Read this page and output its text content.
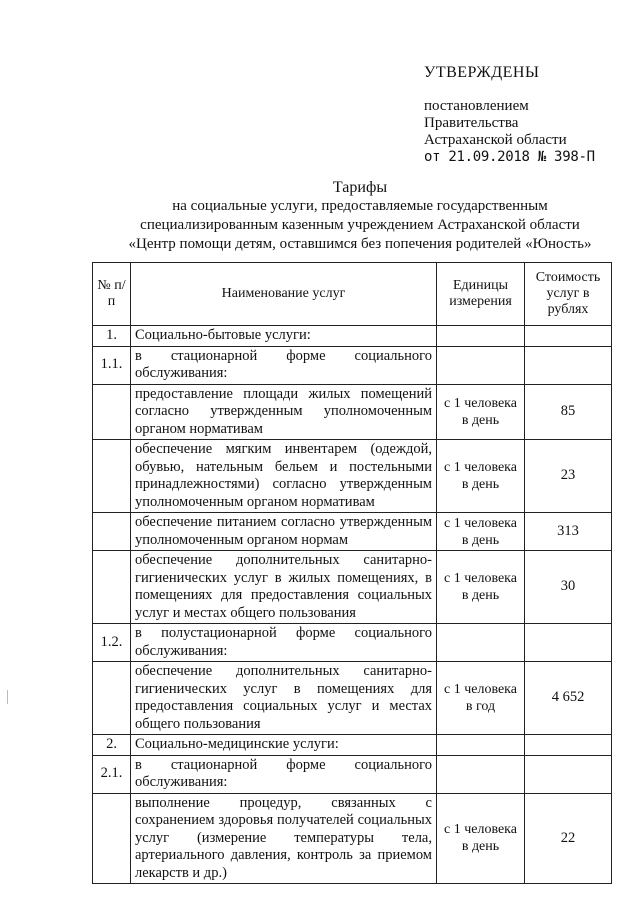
УТВЕРЖДЕНЫ
постановлением
Правительства
Астраханской области
от 21.09.2018 № 398-П
Тарифы
на социальные услуги, предоставляемые государственным
специализированным казенным учреждением Астраханской области
«Центр помощи детям, оставшимся без попечения родителей «Юность»
№ п/п	Наименование услуг	Единицы измерения	Стоимость услуг в рублях
1.	Социально-бытовые услуги:		
1.1.	в стационарной форме социального обслуживания:		
	предоставление площади жилых помещений согласно утвержденным уполномоченным органом нормативам	с 1 человека в день	85
	обеспечение мягким инвентарем (одеждой, обувью, нательным бельем и постельными принадлежностями) согласно утвержденным уполномоченным органом нормативам	с 1 человека в день	23
	обеспечение питанием согласно утвержденным уполномоченным органом нормам	с 1 человека в день	313
	обеспечение дополнительных санитарно-гигиенических услуг в жилых помещениях, в помещениях для предоставления социальных услуг и местах общего пользования	с 1 человека в день	30
1.2.	в полустационарной форме социального обслуживания:		
	обеспечение дополнительных санитарно-гигиенических услуг в помещениях для предоставления социальных услуг и местах общего пользования	с 1 человека в год	4 652
2.	Социально-медицинские услуги:		
2.1.	в стационарной форме социального обслуживания:		
	выполнение процедур, связанных с сохранением здоровья получателей социальных услуг (измерение температуры тела, артериального давления, контроль за приемом лекарств и др.)	с 1 человека в день	22
